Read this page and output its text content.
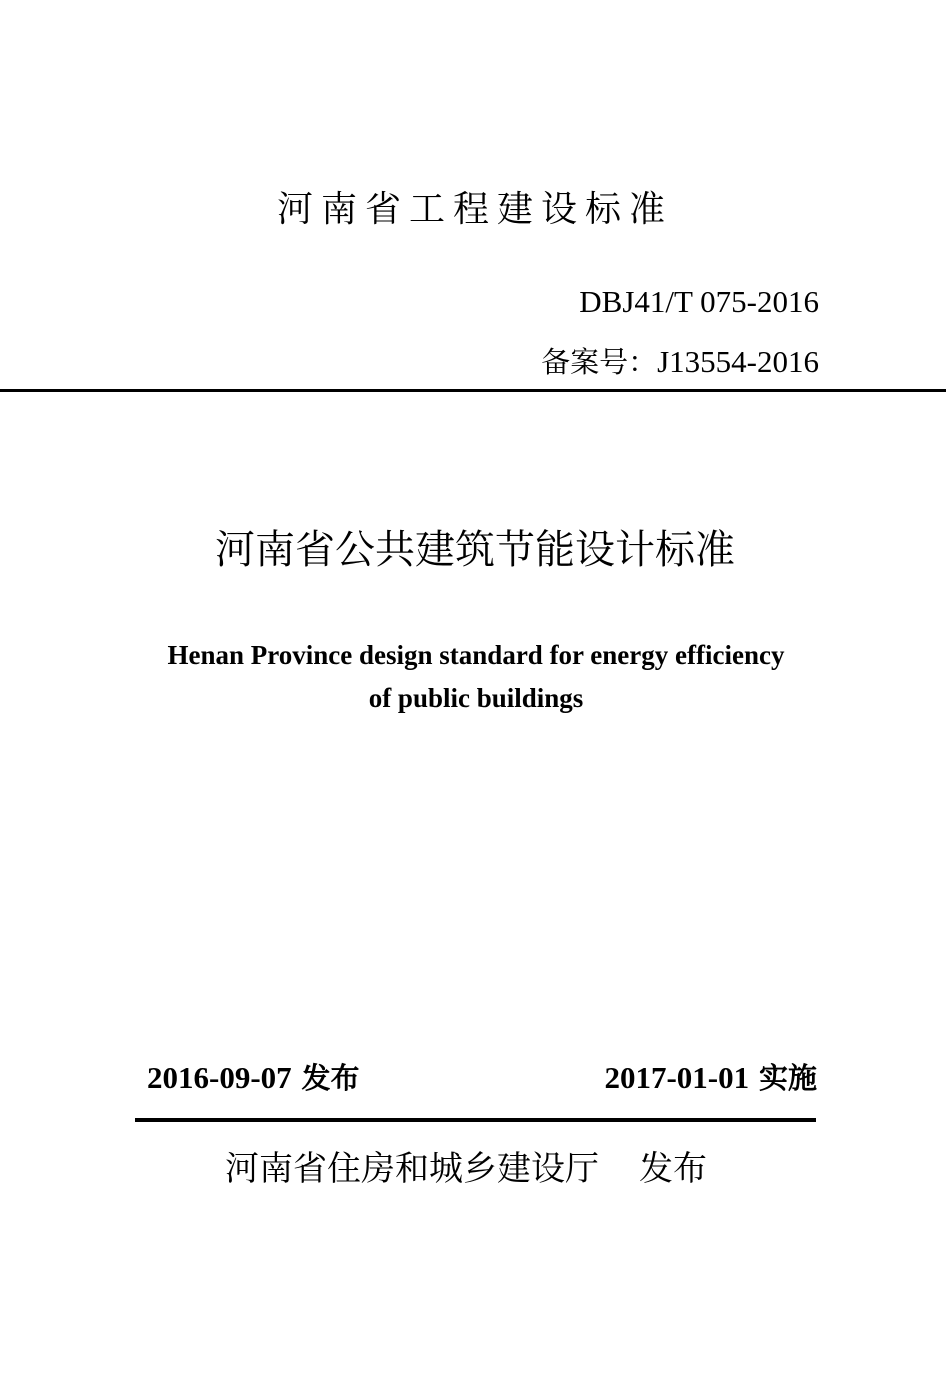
河南省工程建设标准
DBJ41/T 075-2016
备案号：J13554-2016
河南省公共建筑节能设计标准
Henan Province design standard for energy efficiency
of public buildings
2016-09-07 发布	2017-01-01 实施
河南省住房和城乡建设厅 发布
